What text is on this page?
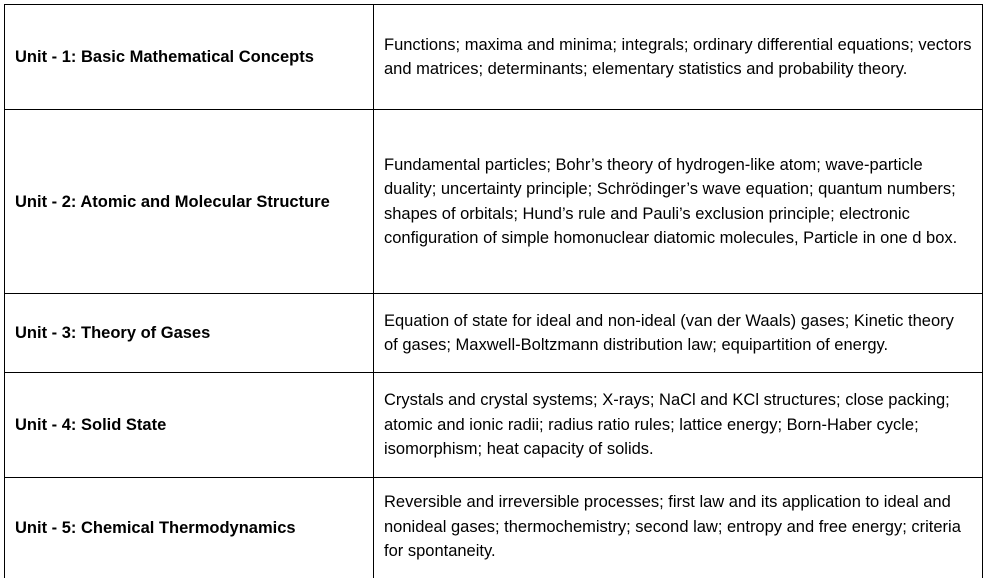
Unit - 1: Basic Mathematical Concepts	Functions; maxima and minima; integrals; ordinary differential equations; vectors and matrices; determinants; elementary statistics and probability theory.
Unit - 2: Atomic and Molecular Structure	Fundamental particles; Bohr’s theory of hydrogen-like atom; wave-particle duality; uncertainty principle; Schrödinger’s wave equation; quantum numbers; shapes of orbitals; Hund’s rule and Pauli’s exclusion principle; electronic configuration of simple homonuclear diatomic molecules, Particle in one d box.
Unit - 3: Theory of Gases	Equation of state for ideal and non-ideal (van der Waals) gases; Kinetic theory of gases; Maxwell-Boltzmann distribution law; equipartition of energy.
Unit - 4: Solid State	Crystals and crystal systems; X-rays; NaCl and KCl structures; close packing; atomic and ionic radii; radius ratio rules; lattice energy; Born-Haber cycle; isomorphism; heat capacity of solids.
Unit - 5: Chemical Thermodynamics	Reversible and irreversible processes; first law and its application to ideal and nonideal gases; thermochemistry; second law; entropy and free energy; criteria for spontaneity.
